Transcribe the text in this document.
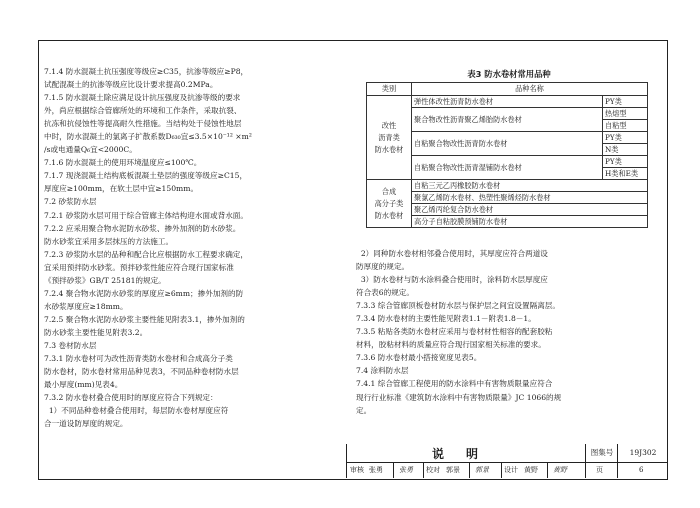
7.1.4 防水混凝土抗压强度等级应≥C35，抗渗等级应≥P8，

试配混凝土的抗渗等级应比设计要求提高0.2MPa。

7.1.5 防水混凝土除应满足设计抗压强度及抗渗等级的要求

外，尚应根据综合管廊所处的环境和工作条件，采取抗裂、

抗冻和抗侵蚀性等提高耐久性措施。当结构处于侵蚀性地层

中时，防水混凝土的氯离子扩散系数D₆₃₀宜≤3.5×10⁻¹² ×m²

/s或电通量Q₆宜<2000C。

7.1.6 防水混凝土的使用环境温度应≤100℃。

7.1.7 现浇混凝土结构底板混凝土垫层的强度等级应≥C15，

厚度应≥100mm，在软土层中宜≥150mm。

7.2 砂浆防水层

7.2.1 砂浆防水层可用于综合管廊主体结构迎水面或背水面。

7.2.2 应采用聚合物水泥防水砂浆、掺外加剂的防水砂浆。

防水砂浆宜采用多层抹压的方法施工。

7.2.3 砂浆防水层的品种和配合比应根据防水工程要求确定，

宜采用预拌防水砂浆。预拌砂浆性能应符合现行国家标准

《预拌砂浆》GB/T 25181的规定。

7.2.4 聚合物水泥防水砂浆的厚度应≥6mm；掺外加剂的防

水砂浆厚度应≥18mm。

7.2.5 聚合物水泥防水砂浆主要性能见附表3.1，掺外加剂的

防水砂浆主要性能见附表3.2。

7.3 卷材防水层

7.3.1 防水卷材可为改性沥青类防水卷材和合成高分子类

防水卷材，防水卷材常用品种见表3，不同品种卷材防水层

最小厚度(mm)见表4。

7.3.2 防水卷材叠合使用时的厚度应符合下列规定：

1）不同品种卷材叠合使用时，每层防水卷材厚度应符

合一道设防厚度的规定。

表3 防水卷材常用品种
类别	品种名称	
改性
沥青类
防水卷材	弹性体改性沥青防水卷材	PY类
	聚合物改性沥青聚乙烯胎防水卷材	热熔型
		自粘型
	自粘聚合物改性沥青防水卷材	PY类
		N类
	自粘聚合物改性沥青湿铺防水卷材	PY类
		H类和E类
合成
高分子类
防水卷材	自粘三元乙丙橡胶防水卷材	
	聚氯乙烯防水卷材、热塑性聚烯烃防水卷材	
	聚乙烯丙纶复合防水卷材	
	高分子自粘胶膜预铺防水卷材	

2）同种防水卷材相邻叠合使用时，其厚度应符合两道设

防厚度的规定。

3）防水卷材与防水涂料叠合使用时，涂料防水层厚度应

符合表6的规定。

7.3.3 综合管廊顶板卷材防水层与保护层之间宜设置隔离层。

7.3.4 防水卷材的主要性能见附表1.1－附表1.8－1。

7.3.5 粘贴各类防水卷材应采用与卷材材性相容的配套胶粘

材料，胶粘材料的质量应符合现行国家相关标准的要求。

7.3.6 防水卷材最小搭接宽度见表5。

7.4 涂料防水层

7.4.1 综合管廊工程使用的防水涂料中有害物质限量应符合

现行行业标准《建筑防水涂料中有害物质限量》JC 1066的规

定。

说明	图集号	19J302
审核 张勇 张勇 校对 郭景 郭景 设计 黄野 黄野	页	6
